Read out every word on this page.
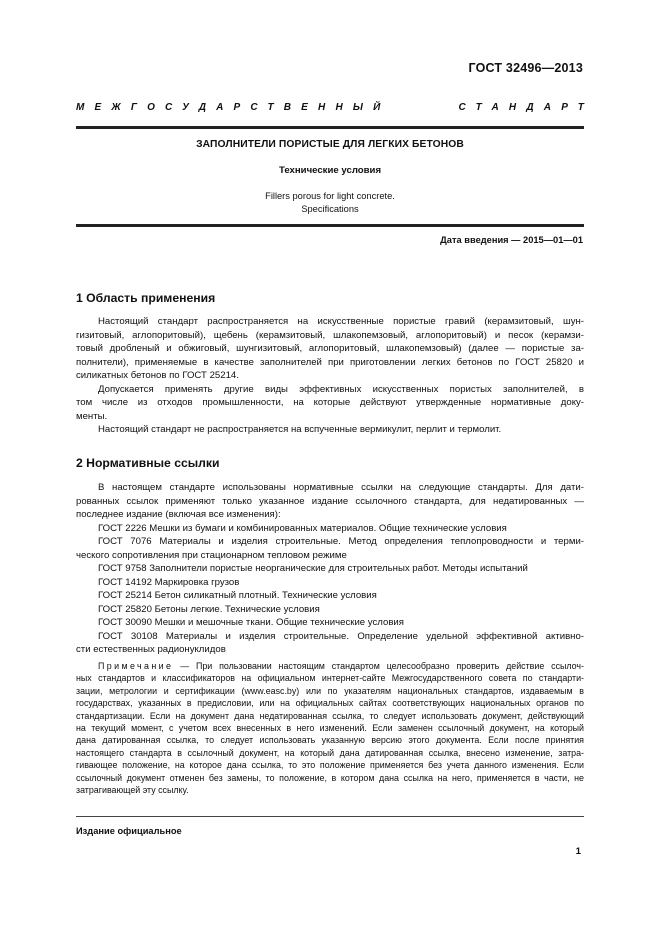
ГОСТ 32496—2013
МЕЖГОСУДАРСТВЕННЫЙ	СТАНДАРТ
ЗАПОЛНИТЕЛИ ПОРИСТЫЕ ДЛЯ ЛЕГКИХ БЕТОНОВ
Технические условия
Fillers porous for light concrete.
Specifications
Дата введения — 2015—01—01
1 Область применения
Настоящий стандарт распространяется на искусственные пористые гравий (керамзитовый, шун-
гизитовый, аглопоритовый), щебень (керамзитовый, шлакопемзовый, аглопоритовый) и песок (керамзи-
товый дробленый и обжиговый, шунгизитовый, аглопоритовый, шлакопемзовый) (далее — пористые за-
полнители), применяемые в качестве заполнителей при приготовлении легких бетонов по ГОСТ 25820 и
силикатных бетонов по ГОСТ 25214.
Допускается применять другие виды эффективных искусственных пористых заполнителей, в
том числе из отходов промышленности, на которые действуют утвержденные нормативные доку-
менты.
Настоящий стандарт не распространяется на вспученные вермикулит, перлит и термолит.
2 Нормативные ссылки
В настоящем стандарте использованы нормативные ссылки на следующие стандарты. Для дати-
рованных ссылок применяют только указанное издание ссылочного стандарта, для недатированных —
последнее издание (включая все изменения):
ГОСТ 2226 Мешки из бумаги и комбинированных материалов. Общие технические условия
ГОСТ 7076 Материалы и изделия строительные. Метод определения теплопроводности и терми-
ческого сопротивления при стационарном тепловом режиме
ГОСТ 9758 Заполнители пористые неорганические для строительных работ. Методы испытаний
ГОСТ 14192 Маркировка грузов
ГОСТ 25214 Бетон силикатный плотный. Технические условия
ГОСТ 25820 Бетоны легкие. Технические условия
ГОСТ 30090 Мешки и мешочные ткани. Общие технические условия
ГОСТ 30108 Материалы и изделия строительные. Определение удельной эффективной активно-
сти естественных радионуклидов
Примечание — При пользовании настоящим стандартом целесообразно проверить действие ссылоч-
ных стандартов и классификаторов на официальном интернет-сайте Межгосударственного совета по стандарти-
зации, метрологии и сертификации (www.easc.by) или по указателям национальных стандартов, издаваемым в
государствах, указанных в предисловии, или на официальных сайтах соответствующих национальных органов по
стандартизации. Если на документ дана недатированная ссылка, то следует использовать документ, действующий
на текущий момент, с учетом всех внесенных в него изменений. Если заменен ссылочный документ, на который
дана датированная ссылка, то следует использовать указанную версию этого документа. Если после принятия
настоящего стандарта в ссылочный документ, на который дана датированная ссылка, внесено изменение, затра-
гивающее положение, на которое дана ссылка, то это положение применяется без учета данного изменения. Если
ссылочный документ отменен без замены, то положение, в котором дана ссылка на него, применяется в части, не
затрагивающей эту ссылку.
Издание официальное
1
